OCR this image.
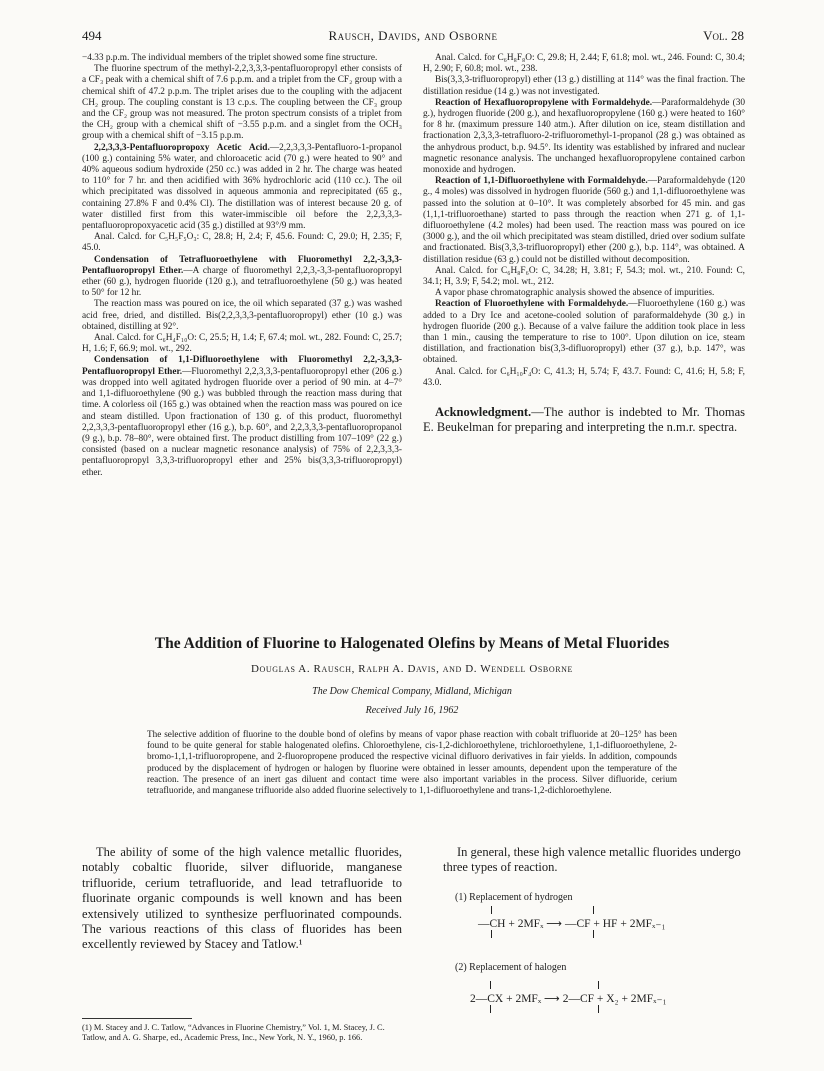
494	Rausch, Davids, and Osborne	Vol. 28

−4.33 p.p.m. The individual members of the triplet showed some fine structure.

The fluorine spectrum of the methyl-2,2,3,3,3-pentafluoropropyl ether consists of a CF₃ peak with a chemical shift of 7.6 p.p.m. and a triplet from the CF₂ group with a chemical shift of 47.2 p.p.m. The triplet arises due to the coupling with the adjacent CH₂ group. The coupling constant is 13 c.p.s. The coupling between the CF₃ group and the CF₂ group was not measured. The proton spectrum consists of a triplet from the CH₂ group with a chemical shift of −3.55 p.p.m. and a singlet from the OCH₃ group with a chemical shift of −3.15 p.p.m.

2,2,3,3,3-Pentafluoropropoxy Acetic Acid.—2,2,3,3,3-Pentafluoro-1-propanol (100 g.) containing 5% water, and chloroacetic acid (70 g.) were heated to 90° and 40% aqueous sodium hydroxide (250 cc.) was added in 2 hr. The charge was heated to 110° for 7 hr. and then acidified with 36% hydrochloric acid (110 cc.). The oil which precipitated was dissolved in aqueous ammonia and reprecipitated (65 g., containing 27.8% F and 0.4% Cl). The distillation was of interest because 20 g. of water distilled first from this water-immiscible oil before the 2,2,3,3,3-pentafluoropropoxyacetic acid (35 g.) distilled at 93°/9 mm.

Anal. Calcd. for C₅H₅F₅O₃: C, 28.8; H, 2.4; F, 45.6. Found: C, 29.0; H, 2.35; F, 45.0.

Condensation of Tetrafluoroethylene with Fluoromethyl 2,2,-3,3,3-Pentafluoropropyl Ether.—A charge of fluoromethyl 2,2,3,-3,3-pentafluoropropyl ether (60 g.), hydrogen fluoride (120 g.), and tetrafluoroethylene (50 g.) was heated to 50° for 12 hr.

The reaction mass was poured on ice, the oil which separated (37 g.) was washed acid free, dried, and distilled. Bis(2,2,3,3,3-pentafluoropropyl) ether (10 g.) was obtained, distilling at 92°.

Anal. Calcd. for C₆H₄F₁₀O: C, 25.5; H, 1.4; F, 67.4; mol. wt., 282. Found: C, 25.7; H, 1.6; F, 66.9; mol. wt., 292.

Condensation of 1,1-Difluoroethylene with Fluoromethyl 2,2,-3,3,3-Pentafluoropropyl Ether.—Fluoromethyl 2,2,3,3,3-pentafluoropropyl ether (206 g.) was dropped into well agitated hydrogen fluoride over a period of 90 min. at 4–7° and 1,1-difluoroethylene (90 g.) was bubbled through the reaction mass during that time. A colorless oil (165 g.) was obtained when the reaction mass was poured on ice and steam distilled. Upon fractionation of 130 g. of this product, fluoromethyl 2,2,3,3,3-pentafluoropropyl ether (16 g.), b.p. 60°, and 2,2,3,3,3-pentafluoropropanol (9 g.), b.p. 78–80°, were obtained first. The product distilling from 107–109° (22 g.) consisted (based on a nuclear magnetic resonance analysis) of 75% of 2,2,3,3,3-pentafluoropropyl 3,3,3-trifluoropropyl ether and 25% bis(3,3,3-trifluoropropyl) ether.

Anal. Calcd. for C₆H₈F₈O: C, 29.8; H, 2.44; F, 61.8; mol. wt., 246. Found: C, 30.4; H, 2.90; F, 60.8; mol. wt., 238.

Bis(3,3,3-trifluoropropyl) ether (13 g.) distilling at 114° was the final fraction. The distillation residue (14 g.) was not investigated.

Reaction of Hexafluoropropylene with Formaldehyde.—Paraformaldehyde (30 g.), hydrogen fluoride (200 g.), and hexafluoropropylene (160 g.) were heated to 160° for 8 hr. (maximum pressure 140 atm.). After dilution on ice, steam distillation and fractionation 2,3,3,3-tetrafluoro-2-trifluoromethyl-1-propanol (28 g.) was obtained as the anhydrous product, b.p. 94.5°. Its identity was established by infrared and nuclear magnetic resonance analysis. The unchanged hexafluoropropylene contained carbon monoxide and hydrogen.

Reaction of 1,1-Difluoroethylene with Formaldehyde.—Paraformaldehyde (120 g., 4 moles) was dissolved in hydrogen fluoride (560 g.) and 1,1-difluoroethylene was passed into the solution at 0–10°. It was completely absorbed for 45 min. and gas (1,1,1-trifluoroethane) started to pass through the reaction when 271 g. of 1,1-difluoroethylene (4.2 moles) had been used. The reaction mass was poured on ice (3000 g.), and the oil which precipitated was steam distilled, dried over sodium sulfate and fractionated. Bis(3,3,3-trifluoropropyl) ether (200 g.), b.p. 114°, was obtained. A distillation residue (63 g.) could not be distilled without decomposition.

Anal. Calcd. for C₆H₈F₆O: C, 34.28; H, 3.81; F, 54.3; mol. wt., 210. Found: C, 34.1; H, 3.9; F, 54.2; mol. wt., 212.

A vapor phase chromatographic analysis showed the absence of impurities.

Reaction of Fluoroethylene with Formaldehyde.—Fluoroethylene (160 g.) was added to a Dry Ice and acetone-cooled solution of paraformaldehyde (30 g.) in hydrogen fluoride (200 g.). Because of a valve failure the addition took place in less than 1 min., causing the temperature to rise to 100°. Upon dilution on ice, steam distillation, and fractionation bis(3,3-difluoropropyl) ether (37 g.), b.p. 147°, was obtained.

Anal. Calcd. for C₆H₁₀F₄O: C, 41.3; H, 5.74; F, 43.7. Found: C, 41.6; H, 5.8; F, 43.0.

Acknowledgment.—The author is indebted to Mr. Thomas E. Beukelman for preparing and interpreting the n.m.r. spectra.

The Addition of Fluorine to Halogenated Olefins by Means of Metal Fluorides
Douglas A. Rausch, Ralph A. Davis, and D. Wendell Osborne
The Dow Chemical Company, Midland, Michigan
Received July 16, 1962
The selective addition of fluorine to the double bond of olefins by means of vapor phase reaction with cobalt trifluoride at 20–125° has been found to be quite general for stable halogenated olefins. Chloroethylene, cis-1,2-dichloroethylene, trichloroethylene, 1,1-difluoroethylene, 2-bromo-1,1,1-trifluoropropene, and 2-fluoropropene produced the respective vicinal difluoro derivatives in fair yields. In addition, compounds produced by the displacement of hydrogen or halogen by fluorine were obtained in lesser amounts, dependent upon the temperature of the reaction. The presence of an inert gas diluent and contact time were also important variables in the process. Silver difluoride, cerium tetrafluoride, and manganese trifluoride also added fluorine selectively to 1,1-difluoroethylene and trans-1,2-dichloroethylene.

The ability of some of the high valence metallic fluorides, notably cobaltic fluoride, silver difluoride, manganese trifluoride, cerium tetrafluoride, and lead tetrafluoride to fluorinate organic compounds is well known and has been extensively utilized to synthesize perfluorinated compounds. The various reactions of this class of fluorides has been excellently reviewed by Stacey and Tatlow.¹

(1) M. Stacey and J. C. Tatlow, “Advances in Fluorine Chemistry,” Vol. 1, M. Stacey, J. C. Tatlow, and A. G. Sharpe, ed., Academic Press, Inc., New York, N. Y., 1960, p. 166.

In general, these high valence metallic fluorides undergo three types of reaction.

(1) Replacement of hydrogen
—CH + 2MFₓ ⟶ —CF + HF + 2MFₓ₋₁
(2) Replacement of halogen
2—CX + 2MFₓ ⟶ 2—CF + X₂ + 2MFₓ₋₁
